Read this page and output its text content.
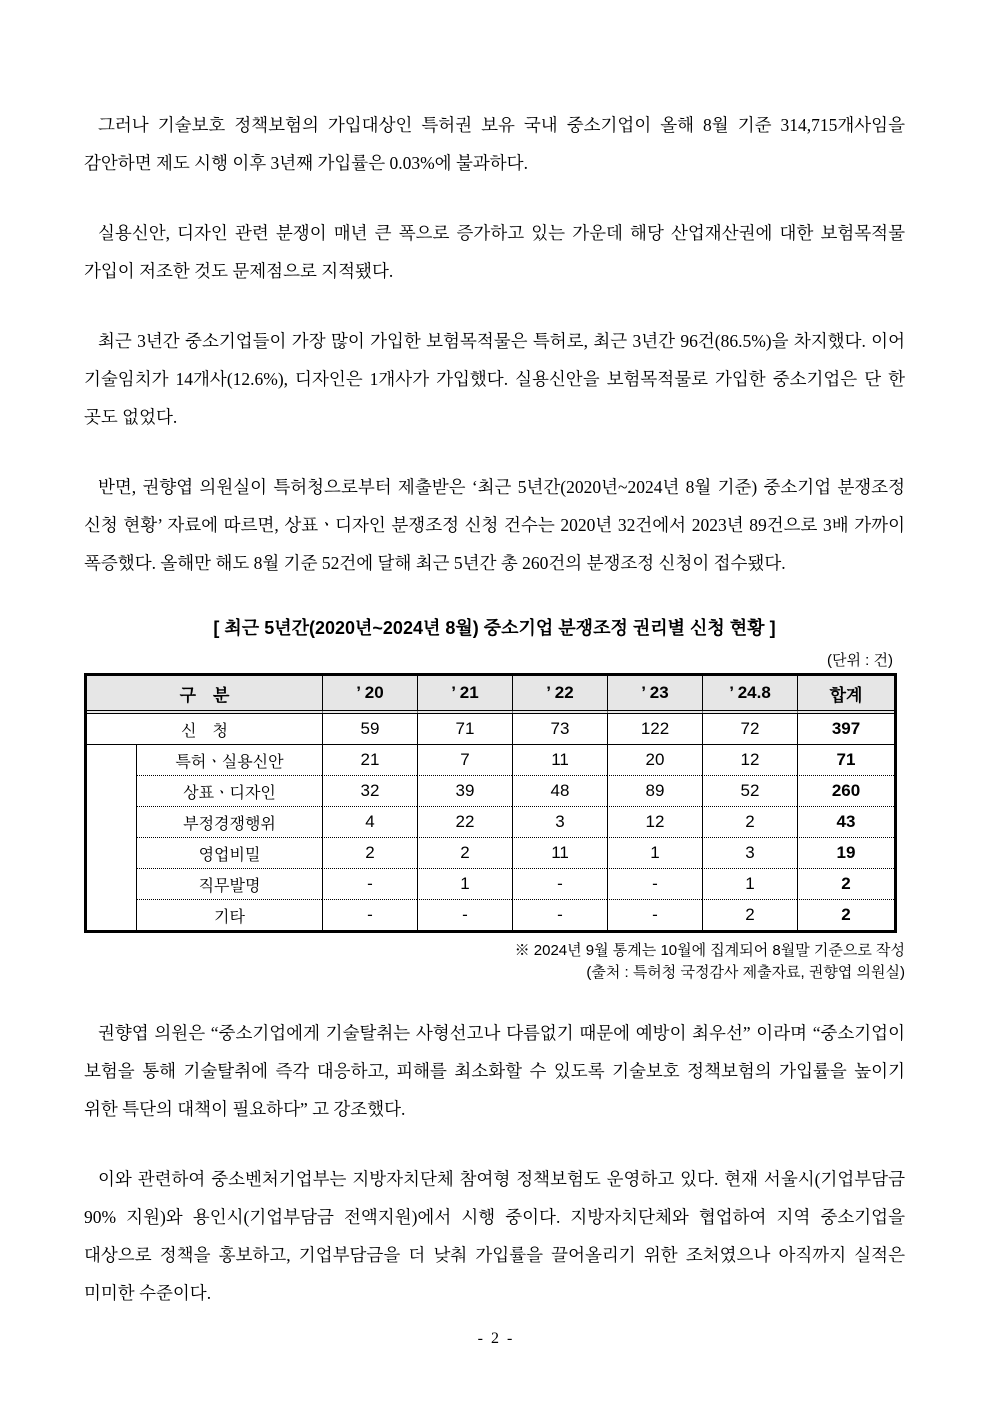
그러나 기술보호 정책보험의 가입대상인 특허권 보유 국내 중소기업이 올해 8월 기준 314,715개사임을 감안하면 제도 시행 이후 3년째 가입률은 0.03%에 불과하다.

실용신안, 디자인 관련 분쟁이 매년 큰 폭으로 증가하고 있는 가운데 해당 산업재산권에 대한 보험목적물 가입이 저조한 것도 문제점으로 지적됐다.

최근 3년간 중소기업들이 가장 많이 가입한 보험목적물은 특허로, 최근 3년간 96건(86.5%)을 차지했다. 이어 기술임치가 14개사(12.6%), 디자인은 1개사가 가입했다. 실용신안을 보험목적물로 가입한 중소기업은 단 한 곳도 없었다.

반면, 권향엽 의원실이 특허청으로부터 제출받은 ‘최근 5년간(2020년~2024년 8월 기준) 중소기업 분쟁조정 신청 현황’ 자료에 따르면, 상표ㆍ디자인 분쟁조정 신청 건수는 2020년 32건에서 2023년 89건으로 3배 가까이 폭증했다. 올해만 해도 8월 기준 52건에 달해 최근 5년간 총 260건의 분쟁조정 신청이 접수됐다.

[ 최근 5년간(2020년~2024년 8월) 중소기업 분쟁조정 권리별 신청 현황 ]
(단위 : 건)
구　분		’ 20	’ 21	’ 22	’ 23	’ 24.8	합계
신　청		59	71	73	122	72	397
	특허ㆍ실용신안	21	7	11	20	12	71
	상표ㆍ디자인	32	39	48	89	52	260
	부정경쟁행위	4	22	3	12	2	43
	영업비밀	2	2	11	1	3	19
	직무발명	-	1	-	-	1	2
	기타	-	-	-	-	2	2
※ 2024년 9월 통계는 10월에 집계되어 8월말 기준으로 작성
(출처 : 특허청 국정감사 제출자료, 권향엽 의원실)

권향엽 의원은 “중소기업에게 기술탈취는 사형선고나 다름없기 때문에 예방이 최우선” 이라며 “중소기업이 보험을 통해 기술탈취에 즉각 대응하고, 피해를 최소화할 수 있도록 기술보호 정책보험의 가입률을 높이기 위한 특단의 대책이 필요하다” 고 강조했다.

이와 관련하여 중소벤처기업부는 지방자치단체 참여형 정책보험도 운영하고 있다. 현재 서울시(기업부담금 90% 지원)와 용인시(기업부담금 전액지원)에서 시행 중이다. 지방자치단체와 협업하여 지역 중소기업을 대상으로 정책을 홍보하고, 기업부담금을 더 낮춰 가입률을 끌어올리기 위한 조처였으나 아직까지 실적은 미미한 수준이다.

- 2 -
